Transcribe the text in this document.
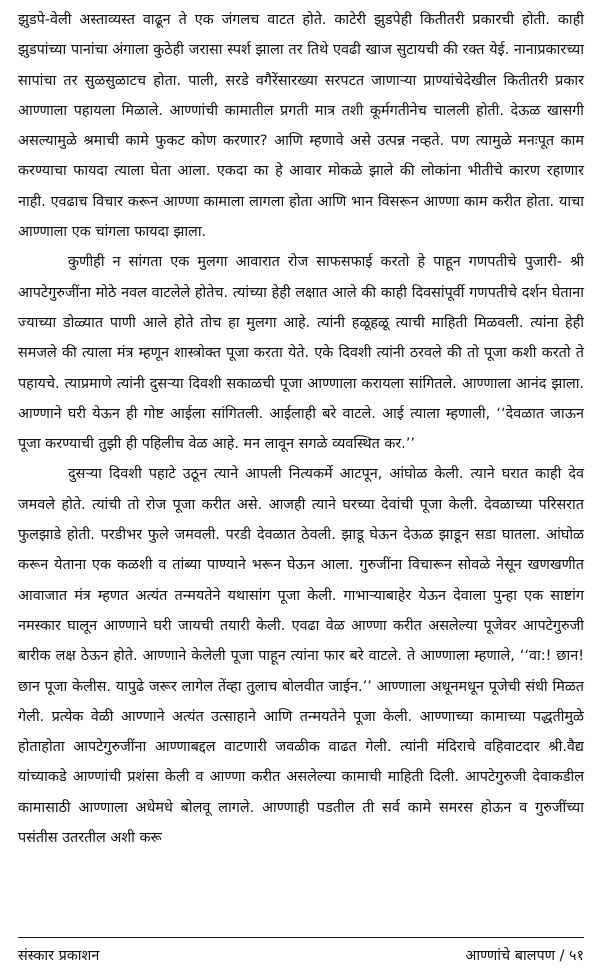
झुडपे-वेली अस्ताव्यस्त वाढून ते एक जंगलच वाटत होते. काटेरी झुडपेही कितीतरी प्रकारची होती. काही झुडपांच्या पानांचा अंगाला कुठेही जरासा स्पर्श झाला तर तिथे एवढी खाज सुटायची की रक्त येई. नानाप्रकारच्या सापांचा तर सुळसुळाटच होता. पाली, सरडे वगैरेंसारख्या सरपटत जाणाऱ्या प्राण्यांचेदेखील कितीतरी प्रकार आण्णाला पहायला मिळाले. आण्णांची कामातील प्रगती मात्र तशी कूर्मगतीनेच चालली होती. देऊळ खासगी असल्यामुळे श्रमाची कामे फुकट कोण करणार? आणि म्हणावे असे उत्पन्न नव्हते. पण त्यामुळे मनःपूत काम करण्याचा फायदा त्याला घेता आला. एकदा का हे आवार मोकळे झाले की लोकांना भीतीचे कारण रहाणार नाही. एवढाच विचार करून आण्णा कामाला लागला होता आणि भान विसरून आण्णा काम करीत होता. याचा आण्णाला एक चांगला फायदा झाला.

कुणीही न सांगता एक मुलगा आवारात रोज साफसफाई करतो हे पाहून गणपतीचे पुजारी- श्री आपटेगुरुजींना मोठे नवल वाटलेले होतेच. त्यांच्या हेही लक्षात आले की काही दिवसांपूर्वी गणपतीचे दर्शन घेताना ज्याच्या डोळ्यात पाणी आले होते तोच हा मुलगा आहे. त्यांनी हळूहळू त्याची माहिती मिळवली. त्यांना हेही समजले की त्याला मंत्र म्हणून शास्त्रोक्त पूजा करता येते. एके दिवशी त्यांनी ठरवले की तो पूजा कशी करतो ते पहायचे. त्याप्रमाणे त्यांनी दुसऱ्या दिवशी सकाळची पूजा आण्णाला करायला सांगितले. आण्णाला आनंद झाला. आण्णाने घरी येऊन ही गोष्ट आईला सांगितली. आईलाही बरे वाटले. आई त्याला म्हणाली, ‘‘देवळात जाऊन पूजा करण्याची तुझी ही पहिलीच वेळ आहे. मन लावून सगळे व्यवस्थित कर.’’

दुसऱ्या दिवशी पहाटे उठून त्याने आपली नित्यकर्मे आटपून, आंघोळ केली. त्याने घरात काही देव जमवले होते. त्यांची तो रोज पूजा करीत असे. आजही त्याने घरच्या देवांची पूजा केली. देवळाच्या परिसरात फुलझाडे होती. परडीभर फुले जमवली. परडी देवळात ठेवली. झाडू घेऊन देऊळ झाडून सडा घातला. आंघोळ करून येताना एक कळशी व तांब्या पाण्याने भरून घेऊन आला. गुरुजींना विचारून सोवळे नेसून खणखणीत आवाजात मंत्र म्हणत अत्यंत तन्मयतेने यथासांग पूजा केली. गाभाऱ्याबाहेर येऊन देवाला पुन्हा एक साष्टांग नमस्कार घालून आण्णाने घरी जायची तयारी केली. एवढा वेळ आण्णा करीत असलेल्या पूजेवर आपटेगुरुजी बारीक लक्ष ठेऊन होते. आण्णाने केलेली पूजा पाहून त्यांना फार बरे वाटले. ते आण्णाला म्हणाले, ‘‘वा:! छान! छान पूजा केलीस. यापुढे जरूर लागेल तेंव्हा तुलाच बोलवीत जाईन.’’ आण्णाला अधूनमधून पूजेची संधी मिळत गेली. प्रत्येक वेळी आण्णाने अत्यंत उत्साहाने आणि तन्मयतेने पूजा केली. आण्णाच्या कामाच्या पद्धतीमुळे होताहोता आपटेगुरुजींना आण्णाबद्दल वाटणारी जवळीक वाढत गेली. त्यांनी मंदिराचे वहिवाटदार श्री.वैद्य यांच्याकडे आण्णांची प्रशंसा केली व आण्णा करीत असलेल्या कामाची माहिती दिली. आपटेगुरुजी देवाकडील कामासाठी आण्णाला अधेमधे बोलवू लागले. आण्णाही पडतील ती सर्व कामे समरस होऊन व गुरुजींच्या पसंतीस उतरतील अशी करू

संस्कार प्रकाशन	आण्णांचे बालपण / ५१
